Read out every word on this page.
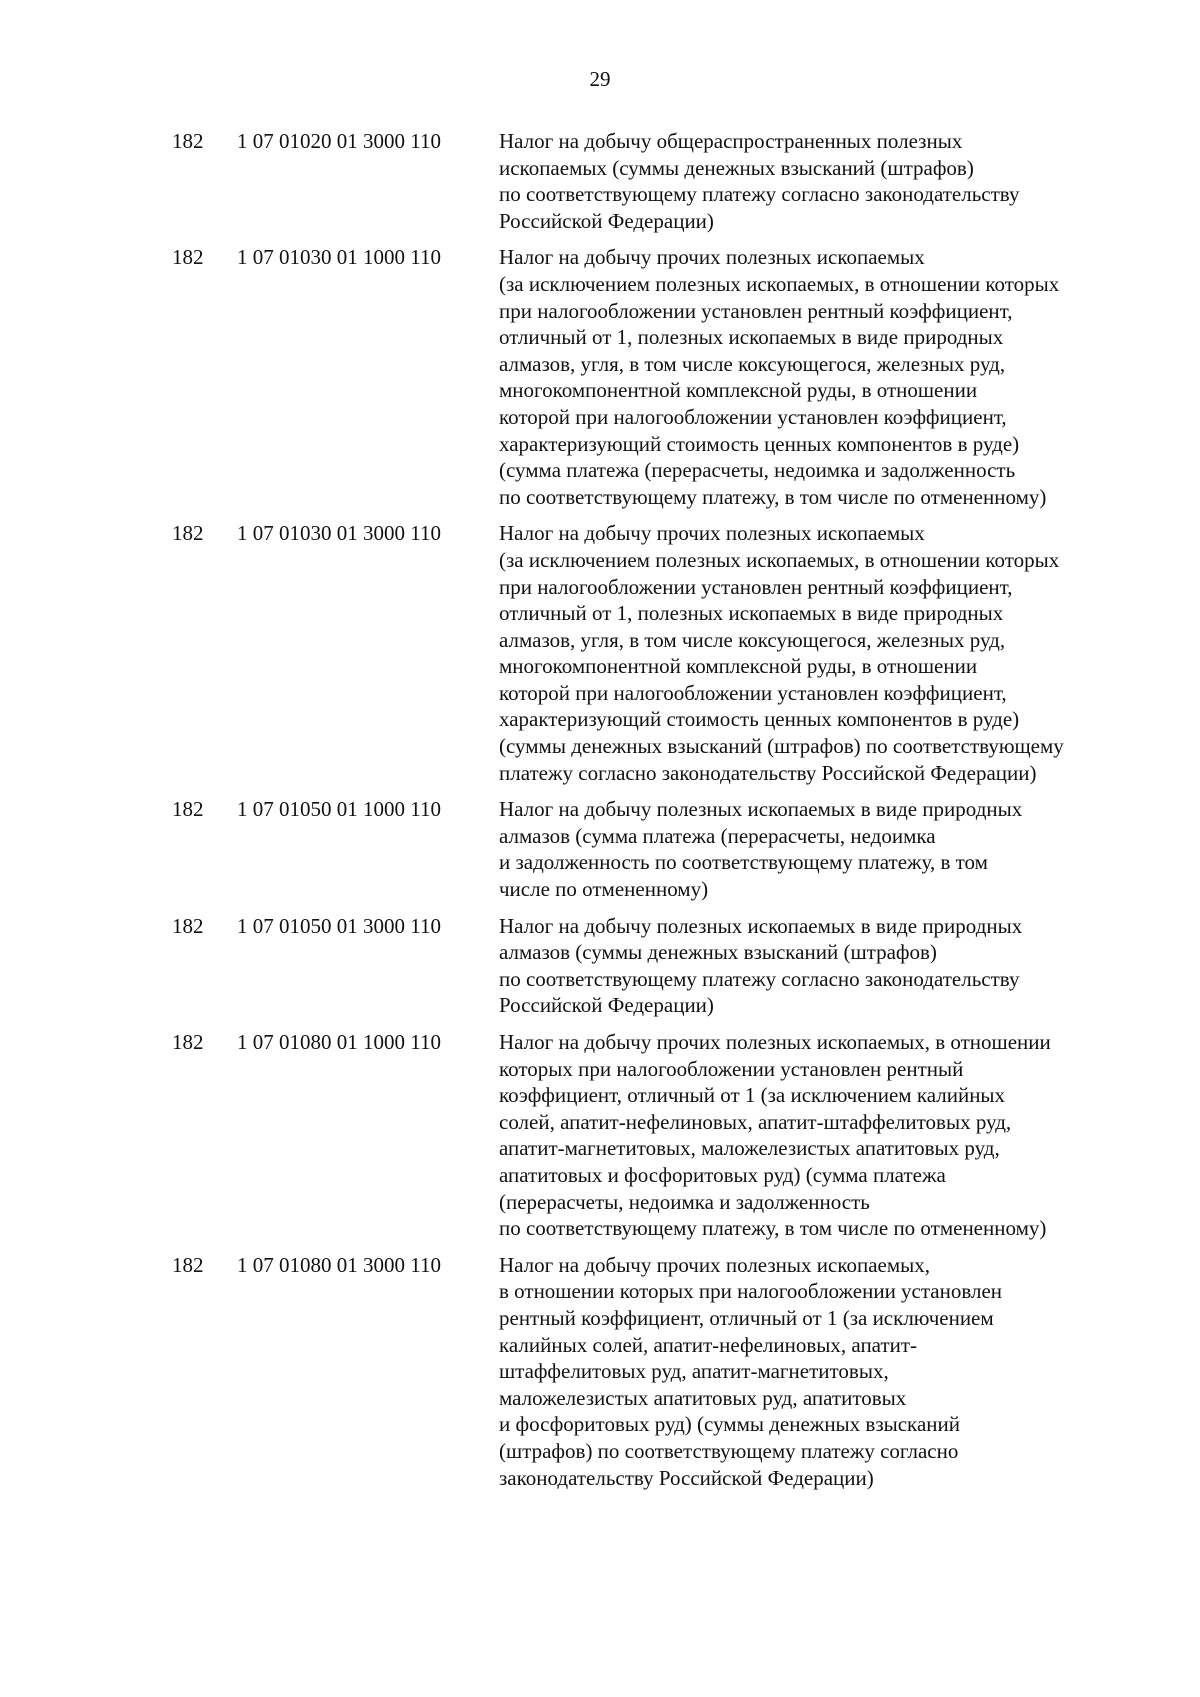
29
182 1 07 01020 01 3000 110	Налог на добычу общераспространенных полезных
ископаемых (суммы денежных взысканий (штрафов)
по соответствующему платежу согласно законодательству
Российской Федерации)
182 1 07 01030 01 1000 110	Налог на добычу прочих полезных ископаемых
(за исключением полезных ископаемых, в отношении которых
при налогообложении установлен рентный коэффициент,
отличный от 1, полезных ископаемых в виде природных
алмазов, угля, в том числе коксующегося, железных руд,
многокомпонентной комплексной руды, в отношении
которой при налогообложении установлен коэффициент,
характеризующий стоимость ценных компонентов в руде)
(сумма платежа (перерасчеты, недоимка и задолженность
по соответствующему платежу, в том числе по отмененному)
182 1 07 01030 01 3000 110	Налог на добычу прочих полезных ископаемых
(за исключением полезных ископаемых, в отношении которых
при налогообложении установлен рентный коэффициент,
отличный от 1, полезных ископаемых в виде природных
алмазов, угля, в том числе коксующегося, железных руд,
многокомпонентной комплексной руды, в отношении
которой при налогообложении установлен коэффициент,
характеризующий стоимость ценных компонентов в руде)
(суммы денежных взысканий (штрафов) по соответствующему
платежу согласно законодательству Российской Федерации)
182 1 07 01050 01 1000 110	Налог на добычу полезных ископаемых в виде природных
алмазов (сумма платежа (перерасчеты, недоимка
и задолженность по соответствующему платежу, в том
числе по отмененному)
182 1 07 01050 01 3000 110	Налог на добычу полезных ископаемых в виде природных
алмазов (суммы денежных взысканий (штрафов)
по соответствующему платежу согласно законодательству
Российской Федерации)
182 1 07 01080 01 1000 110	Налог на добычу прочих полезных ископаемых, в отношении
которых при налогообложении установлен рентный
коэффициент, отличный от 1 (за исключением калийных
солей, апатит-нефелиновых, апатит-штаффелитовых руд,
апатит-магнетитовых, маложелезистых апатитовых руд,
апатитовых и фосфоритовых руд) (сумма платежа
(перерасчеты, недоимка и задолженность
по соответствующему платежу, в том числе по отмененному)
182 1 07 01080 01 3000 110	Налог на добычу прочих полезных ископаемых,
в отношении которых при налогообложении установлен
рентный коэффициент, отличный от 1 (за исключением
калийных солей, апатит-нефелиновых, апатит-
штаффелитовых руд, апатит-магнетитовых,
маложелезистых апатитовых руд, апатитовых
и фосфоритовых руд) (суммы денежных взысканий
(штрафов) по соответствующему платежу согласно
законодательству Российской Федерации)
